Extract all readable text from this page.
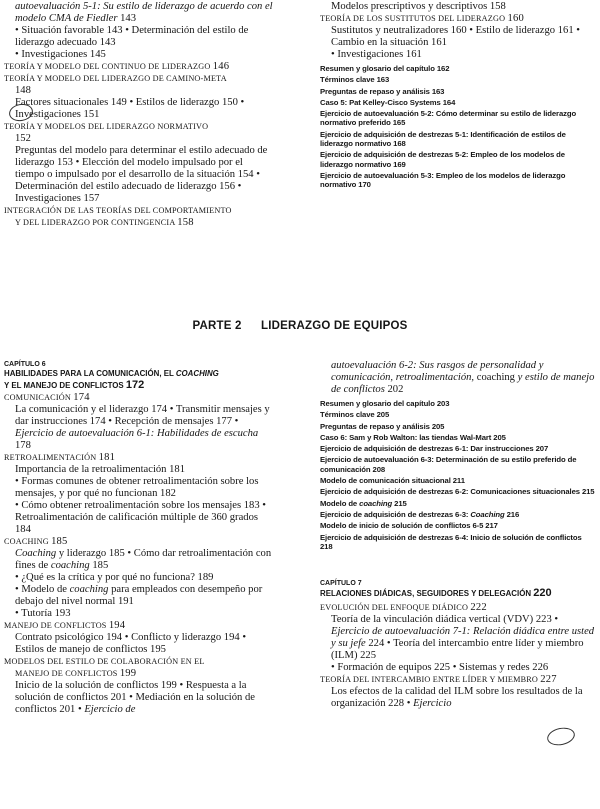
autoevaluación 5-1: Su estilo de liderazgo de acuerdo con el modelo CMA de Fiedler 143
• Situación favorable 143 • Determinación del estilo de liderazgo adecuado 143
• Investigaciones 145
TEORÍA Y MODELO DEL CONTINUO DE LIDERAZGO 146
TEORÍA Y MODELO DEL LIDERAZGO DE CAMINO-META
148
Factores situacionales 149 • Estilos de liderazgo 150 • Investigaciones 151
TEORÍA Y MODELOS DEL LIDERAZGO NORMATIVO
152
Preguntas del modelo para determinar el estilo adecuado de liderazgo 153 • Elección del modelo impulsado por el tiempo o impulsado por el desarrollo de la situación 154 • Determinación del estilo adecuado de liderazgo 156 • Investigaciones 157
INTEGRACIÓN DE LAS TEORÍAS DEL COMPORTAMIENTO
Y DEL LIDERAZGO POR CONTINGENCIA 158
Modelos prescriptivos y descriptivos 158
TEORÍA DE LOS SUSTITUTOS DEL LIDERAZGO 160
Sustitutos y neutralizadores 160 • Estilo de liderazgo 161 • Cambio en la situación 161
• Investigaciones 161
Resumen y glosario del capítulo 162
Términos clave 163
Preguntas de repaso y análisis 163
Caso 5: Pat Kelley-Cisco Systems 164
Ejercicio de autoevaluación 5-2: Cómo determinar su estilo de liderazgo normativo preferido 165
Ejercicio de adquisición de destrezas 5-1: Identificación de estilos de liderazgo normativo 168
Ejercicio de adquisición de destrezas 5-2: Empleo de los modelos de liderazgo normativo 169
Ejercicio de autoevaluación 5-3: Empleo de los modelos de liderazgo normativo 170
PARTE 2 LIDERAZGO DE EQUIPOS
CAPÍTULO 6
HABILIDADES PARA LA COMUNICACIÓN, EL COACHING
Y EL MANEJO DE CONFLICTOS 172
COMUNICACIÓN 174
La comunicación y el liderazgo 174 • Transmitir mensajes y dar instrucciones 174 • Recepción de mensajes 177 • Ejercicio de autoevaluación 6-1: Habilidades de escucha 178
RETROALIMENTACIÓN 181
Importancia de la retroalimentación 181
• Formas comunes de obtener retroalimentación sobre los mensajes, y por qué no funcionan 182
• Cómo obtener retroalimentación sobre los mensajes 183 • Retroalimentación de calificación múltiple de 360 grados 184
COACHING 185
Coaching y liderazgo 185 • Cómo dar retroalimentación con fines de coaching 185
• ¿Qué es la crítica y por qué no funciona? 189
• Modelo de coaching para empleados con desempeño por debajo del nivel normal 191
• Tutoría 193
MANEJO DE CONFLICTOS 194
Contrato psicológico 194 • Conflicto y liderazgo 194 • Estilos de manejo de conflictos 195
MODELOS DEL ESTILO DE COLABORACIÓN EN EL
MANEJO DE CONFLICTOS 199
Inicio de la solución de conflictos 199 • Respuesta a la solución de conflictos 201 • Mediación en la solución de conflictos 201 • Ejercicio de
autoevaluación 6-2: Sus rasgos de personalidad y comunicación, retroalimentación, coaching y estilo de manejo de conflictos 202
Resumen y glosario del capítulo 203
Términos clave 205
Preguntas de repaso y análisis 205
Caso 6: Sam y Rob Walton: las tiendas Wal-Mart 205
Ejercicio de adquisición de destrezas 6-1: Dar instrucciones 207
Ejercicio de autoevaluación 6-3: Determinación de su estilo preferido de comunicación 208
Modelo de comunicación situacional 211
Ejercicio de adquisición de destrezas 6-2: Comunicaciones situacionales 215
Modelo de coaching 215
Ejercicio de adquisición de destrezas 6-3: Coaching 216
Modelo de inicio de solución de conflictos 6-5 217
Ejercicio de adquisición de destrezas 6-4: Inicio de solución de conflictos 218
CAPÍTULO 7
RELACIONES DIÁDICAS, SEGUIDORES Y DELEGACIÓN 220
EVOLUCIÓN DEL ENFOQUE DIÁDICO 222
Teoría de la vinculación diádica vertical (VDV) 223 • Ejercicio de autoevaluación 7-1: Relación diádica entre usted y su jefe 224 • Teoría del intercambio entre líder y miembro (ILM) 225
• Formación de equipos 225 • Sistemas y redes 226
TEORÍA DEL INTERCAMBIO ENTRE LÍDER Y MIEMBRO 227
Los efectos de la calidad del ILM sobre los resultados de la organización 228 • Ejercicio
